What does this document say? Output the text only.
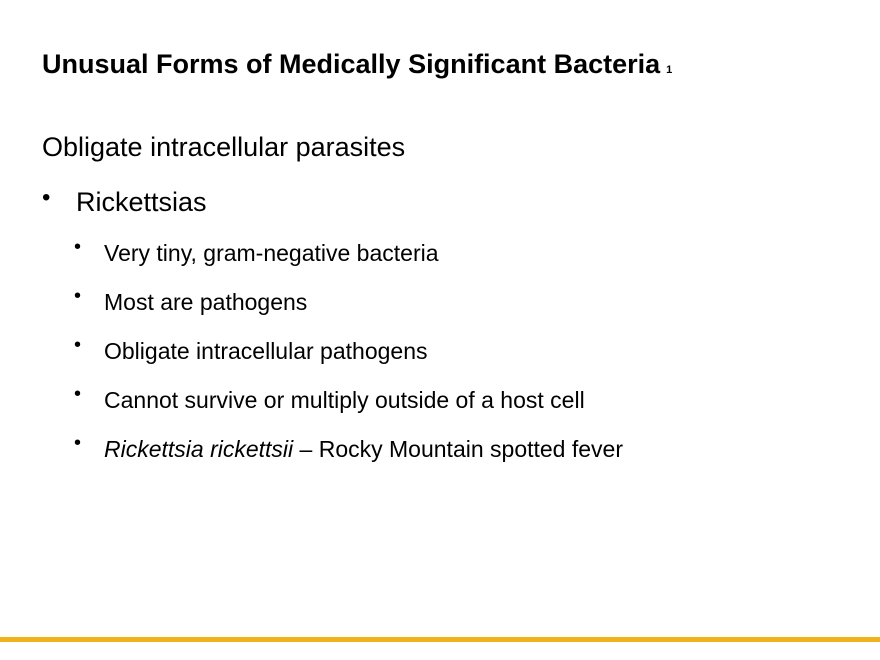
Unusual Forms of Medically Significant Bacteria 1
Obligate intracellular parasites
• Rickettsias
• Very tiny, gram-negative bacteria
• Most are pathogens
• Obligate intracellular pathogens
• Cannot survive or multiply outside of a host cell
• Rickettsia rickettsii – Rocky Mountain spotted fever
